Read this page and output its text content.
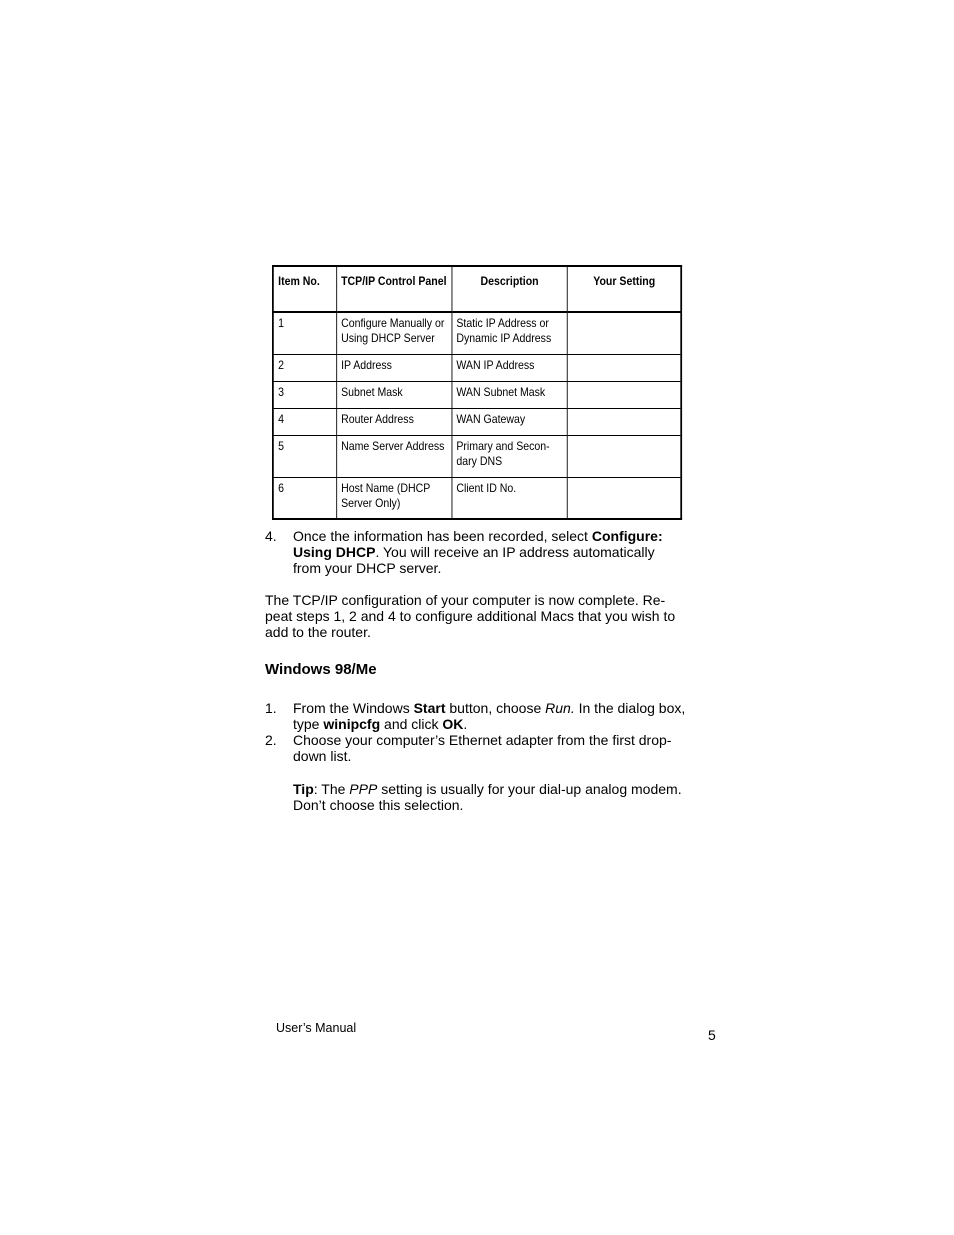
Item No.	TCP/IP Control Panel	Description	Your Setting
1	Configure Manually or Using DHCP Server	Static IP Address or Dynamic IP Address	
2	IP Address	WAN IP Address	
3	Subnet Mask	WAN Subnet Mask	
4	Router Address	WAN Gateway	
5	Name Server Address	Primary and Secon-dary DNS	
6	Host Name (DHCP Server Only)	Client ID No.	
4. Once the information has been recorded, select Configure: Using DHCP. You will receive an IP address automatically from your DHCP server.

The TCP/IP configuration of your computer is now complete. Re-peat steps 1, 2 and 4 to configure additional Macs that you wish to add to the router.

Windows 98/Me
1. From the Windows Start button, choose Run. In the dialog box, type winipcfg and click OK.

2. Choose your computer’s Ethernet adapter from the first drop-down list.

Tip: The PPP setting is usually for your dial-up analog modem. Don’t choose this selection.

User’s Manual	5
